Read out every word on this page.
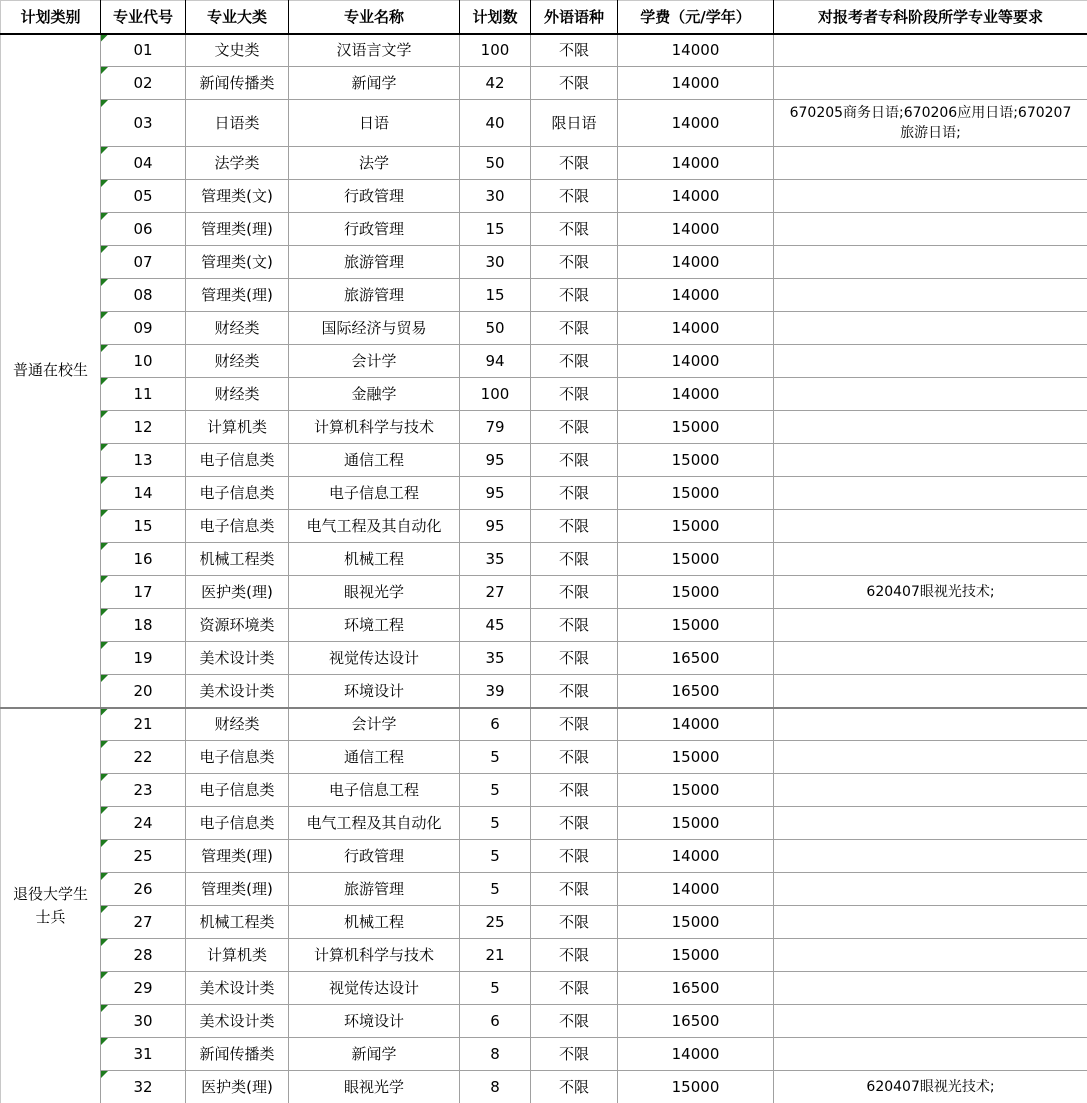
计划类别	专业代号	专业大类	专业名称	计划数	外语语种	学费（元/学年）	对报考者专科阶段所学专业等要求
普通在校生	01	文史类	汉语言文学	100	不限	14000	
	02	新闻传播类	新闻学	42	不限	14000	
	03	日语类	日语	40	限日语	14000	670205商务日语;670206应用日语;670207旅游日语;
	04	法学类	法学	50	不限	14000	
	05	管理类(文)	行政管理	30	不限	14000	
	06	管理类(理)	行政管理	15	不限	14000	
	07	管理类(文)	旅游管理	30	不限	14000	
	08	管理类(理)	旅游管理	15	不限	14000	
	09	财经类	国际经济与贸易	50	不限	14000	
	10	财经类	会计学	94	不限	14000	
	11	财经类	金融学	100	不限	14000	
	12	计算机类	计算机科学与技术	79	不限	15000	
	13	电子信息类	通信工程	95	不限	15000	
	14	电子信息类	电子信息工程	95	不限	15000	
	15	电子信息类	电气工程及其自动化	95	不限	15000	
	16	机械工程类	机械工程	35	不限	15000	
	17	医护类(理)	眼视光学	27	不限	15000	620407眼视光技术;
	18	资源环境类	环境工程	45	不限	15000	
	19	美术设计类	视觉传达设计	35	不限	16500	
	20	美术设计类	环境设计	39	不限	16500	
退役大学生士兵	21	财经类	会计学	6	不限	14000	
	22	电子信息类	通信工程	5	不限	15000	
	23	电子信息类	电子信息工程	5	不限	15000	
	24	电子信息类	电气工程及其自动化	5	不限	15000	
	25	管理类(理)	行政管理	5	不限	14000	
	26	管理类(理)	旅游管理	5	不限	14000	
	27	机械工程类	机械工程	25	不限	15000	
	28	计算机类	计算机科学与技术	21	不限	15000	
	29	美术设计类	视觉传达设计	5	不限	16500	
	30	美术设计类	环境设计	6	不限	16500	
	31	新闻传播类	新闻学	8	不限	14000	
	32	医护类(理)	眼视光学	8	不限	15000	620407眼视光技术;
